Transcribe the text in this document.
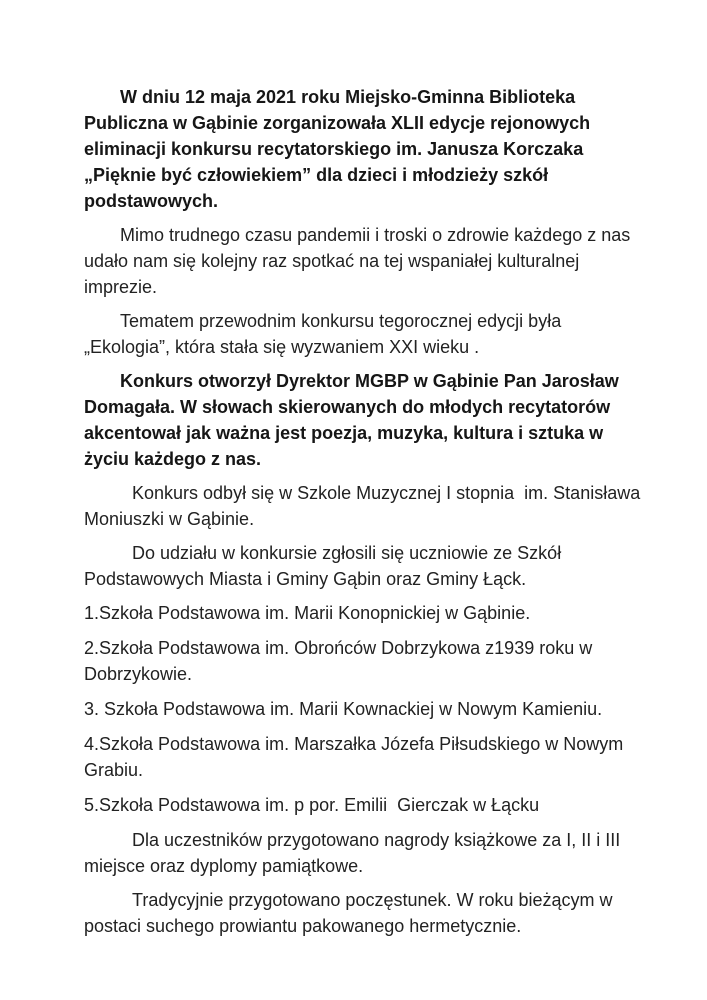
W dniu 12 maja 2021 roku Miejsko-Gminna Biblioteka Publiczna w Gąbinie zorganizowała XLII edycje rejonowych eliminacji konkursu recytatorskiego im. Janusza Korczaka „Pięknie być człowiekiem” dla dzieci i młodzieży szkół podstawowych.

Mimo trudnego czasu pandemii i troski o zdrowie każdego z nas udało nam się kolejny raz spotkać na tej wspaniałej kulturalnej imprezie.

Tematem przewodnim konkursu tegorocznej edycji była „Ekologia”, która stała się wyzwaniem XXI wieku .

Konkurs otworzył Dyrektor MGBP w Gąbinie Pan Jarosław Domagała. W słowach skierowanych do młodych recytatorów akcentował jak ważna jest poezja, muzyka, kultura i sztuka w życiu każdego z nas.

Konkurs odbył się w Szkole Muzycznej I stopnia  im. Stanisława Moniuszki w Gąbinie.

Do udziału w konkursie zgłosili się uczniowie ze Szkół Podstawowych Miasta i Gminy Gąbin oraz Gminy Łąck.

1.Szkoła Podstawowa im. Marii Konopnickiej w Gąbinie.

2.Szkoła Podstawowa im. Obrońców Dobrzykowa z1939 roku w Dobrzykowie.

3. Szkoła Podstawowa im. Marii Kownackiej w Nowym Kamieniu.

4.Szkoła Podstawowa im. Marszałka Józefa Piłsudskiego w Nowym Grabiu.

5.Szkoła Podstawowa im. p por. Emilii  Gierczak w Łącku

Dla uczestników przygotowano nagrody książkowe za I, II i III miejsce oraz dyplomy pamiątkowe.

Tradycyjnie przygotowano poczęstunek. W roku bieżącym w postaci suchego prowiantu pakowanego hermetycznie.
